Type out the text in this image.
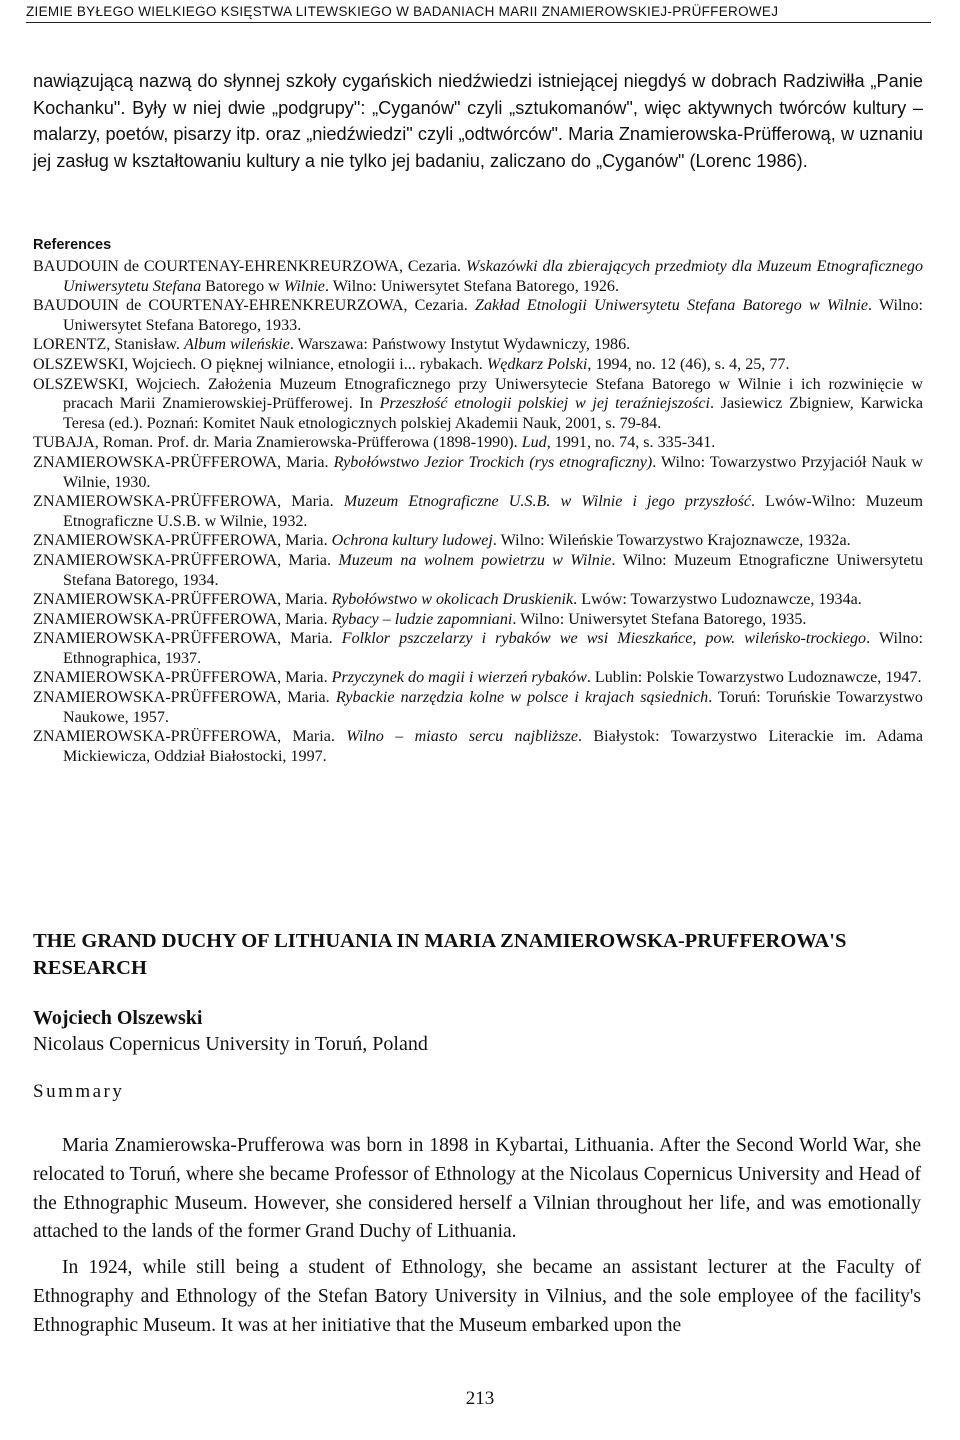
ZIEMIE BYŁEGO WIELKIEGO KSIĘSTWA LITEWSKIEGO W BADANIACH MARII ZNAMIEROWSKIEJ-PRÜFFEROWEJ

nawiązującą nazwą do słynnej szkoły cygańskich niedźwiedzi istniejącej niegdyś w dobrach Radziwiłła „Panie Kochanku". Były w niej dwie „podgrupy": „Cyganów" czyli „sztukomanów", więc aktywnych twórców kultury – malarzy, poetów, pisarzy itp. oraz „niedźwiedzi" czyli „odtwórców". Maria Znamierowska-Prüfferową, w uznaniu jej zasług w kształtowaniu kultury a nie tylko jej badaniu, zaliczano do „Cyganów" (Lorenc 1986).

References
BAUDOUIN de COURTENAY-EHRENKREURZOWA, Cezaria. Wskazówki dla zbierających przedmioty dla Muzeum Etnograficznego Uniwersytetu Stefana Batorego w Wilnie. Wilno: Uniwersytet Stefana Batorego, 1926.
BAUDOUIN de COURTENAY-EHRENKREURZOWA, Cezaria. Zakład Etnologii Uniwersytetu Stefana Batorego w Wilnie. Wilno: Uniwersytet Stefana Batorego, 1933.
LORENTZ, Stanisław. Album wileńskie. Warszawa: Państwowy Instytut Wydawniczy, 1986.
OLSZEWSKI, Wojciech. O pięknej wilniance, etnologii i... rybakach. Wędkarz Polski, 1994, no. 12 (46), s. 4, 25, 77.
OLSZEWSKI, Wojciech. Założenia Muzeum Etnograficznego przy Uniwersytecie Stefana Batorego w Wilnie i ich rozwinięcie w pracach Marii Znamierowskiej-Prüfferowej. In Przeszłość etnologii polskiej w jej teraźniejszości. Jasiewicz Zbigniew, Karwicka Teresa (ed.). Poznań: Komitet Nauk etnologicznych polskiej Akademii Nauk, 2001, s. 79-84.
TUBAJA, Roman. Prof. dr. Maria Znamierowska-Prüfferowa (1898-1990). Lud, 1991, no. 74, s. 335-341.
ZNAMIEROWSKA-PRÜFFEROWA, Maria. Rybołówstwo Jezior Trockich (rys etnograficzny). Wilno: Towarzystwo Przyjaciół Nauk w Wilnie, 1930.
ZNAMIEROWSKA-PRÜFFEROWA, Maria. Muzeum Etnograficzne U.S.B. w Wilnie i jego przyszłość. Lwów-Wilno: Muzeum Etnograficzne U.S.B. w Wilnie, 1932.
ZNAMIEROWSKA-PRÜFFEROWA, Maria. Ochrona kultury ludowej. Wilno: Wileńskie Towarzystwo Krajoznawcze, 1932a.
ZNAMIEROWSKA-PRÜFFEROWA, Maria. Muzeum na wolnem powietrzu w Wilnie. Wilno: Muzeum Etnograficzne Uniwersytetu Stefana Batorego, 1934.
ZNAMIEROWSKA-PRÜFFEROWA, Maria. Rybołówstwo w okolicach Druskienik. Lwów: Towarzystwo Ludoznawcze, 1934a.
ZNAMIEROWSKA-PRÜFFEROWA, Maria. Rybacy – ludzie zapomniani. Wilno: Uniwersytet Stefana Batorego, 1935.
ZNAMIEROWSKA-PRÜFFEROWA, Maria. Folklor pszczelarzy i rybaków we wsi Mieszkańce, pow. wileńsko-trockiego. Wilno: Ethnographica, 1937.
ZNAMIEROWSKA-PRÜFFEROWA, Maria. Przyczynek do magii i wierzeń rybaków. Lublin: Polskie Towarzystwo Ludoznawcze, 1947.
ZNAMIEROWSKA-PRÜFFEROWA, Maria. Rybackie narzędzia kolne w polsce i krajach sąsiednich. Toruń: Toruńskie Towarzystwo Naukowe, 1957.
ZNAMIEROWSKA-PRÜFFEROWA, Maria. Wilno – miasto sercu najbliższe. Białystok: Towarzystwo Literackie im. Adama Mickiewicza, Oddział Białostocki, 1997.
THE GRAND DUCHY OF LITHUANIA IN MARIA ZNAMIEROWSKA-PRUFFEROWA'S RESEARCH
Wojciech Olszewski
Nicolaus Copernicus University in Toruń, Poland
Summary

Maria Znamierowska-Prufferowa was born in 1898 in Kybartai, Lithuania. After the Second World War, she relocated to Toruń, where she became Professor of Ethnology at the Nicolaus Copernicus University and Head of the Ethnographic Museum. However, she considered herself a Vilnian throughout her life, and was emotionally attached to the lands of the former Grand Duchy of Lithuania.

In 1924, while still being a student of Ethnology, she became an assistant lecturer at the Faculty of Ethnography and Ethnology of the Stefan Batory University in Vilnius, and the sole employee of the facility's Ethnographic Museum. It was at her initiative that the Museum embarked upon the

213
